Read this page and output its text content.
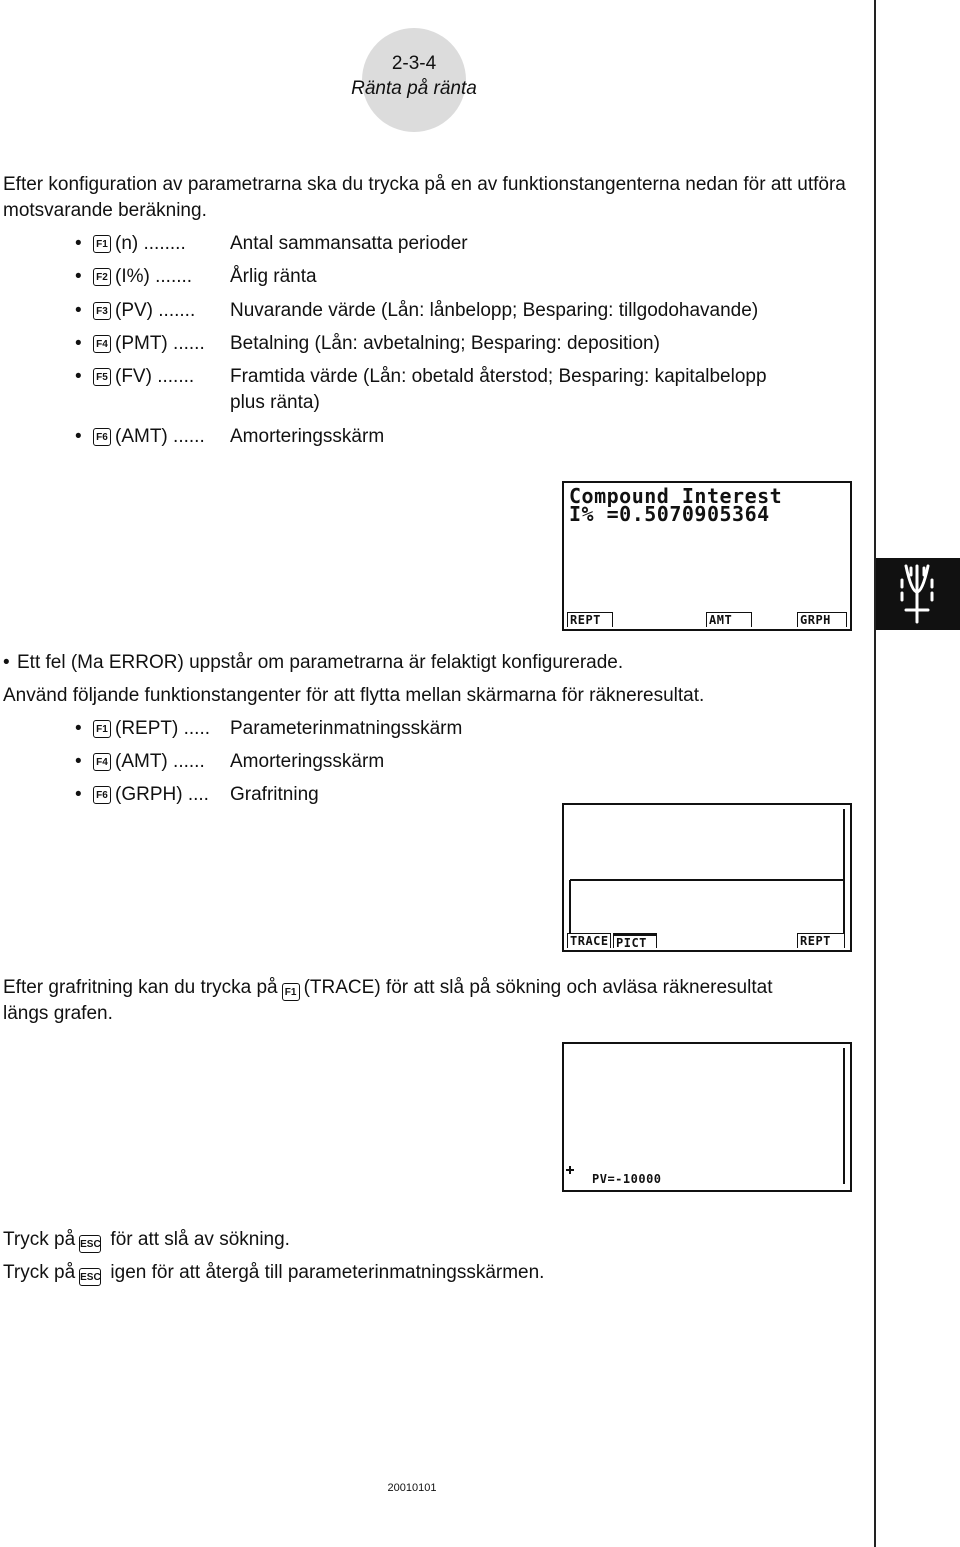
2-3-4
Ränta på ränta

Efter konfiguration av parametrarna ska du trycka på en av funktionstangenterna nedan för att utföra motsvarande beräkning.

•	F1 (n) ........ Antal sammansatta perioder
•	F2 (I%) ....... Årlig ränta
•	F3 (PV) ....... Nuvarande värde (Lån: lånbelopp; Besparing: tillgodohavande)
•	F4 (PMT) ...... Betalning (Lån: avbetalning; Besparing: deposition)
•	F5 (FV) ....... Framtida värde (Lån: obetald återstod; Besparing: kapitalbelopp
plus ränta)
•	F6 (AMT) ...... Amorteringsskärm
Compound Interest
I% =0.5070905364
REPT	AMT	GRPH
• Ett fel (Ma ERROR) uppstår om parametrarna är felaktigt konfigurerade.

Använd följande funktionstangenter för att flytta mellan skärmarna för räkneresultat.

•	F1 (REPT) ..... Parameterinmatningsskärm
•	F4 (AMT) ...... Amorteringsskärm
•	F6 (GRPH) .... Grafritning
TRACE PICT	REPT
Efter grafritning kan du trycka på F1 (TRACE) för att slå på sökning och avläsa räkneresultat
längs grafen.
PV=-10000
Tryck på ESC för att slå av sökning.
Tryck på ESC igen för att återgå till parameterinmatningsskärmen.
20010101
